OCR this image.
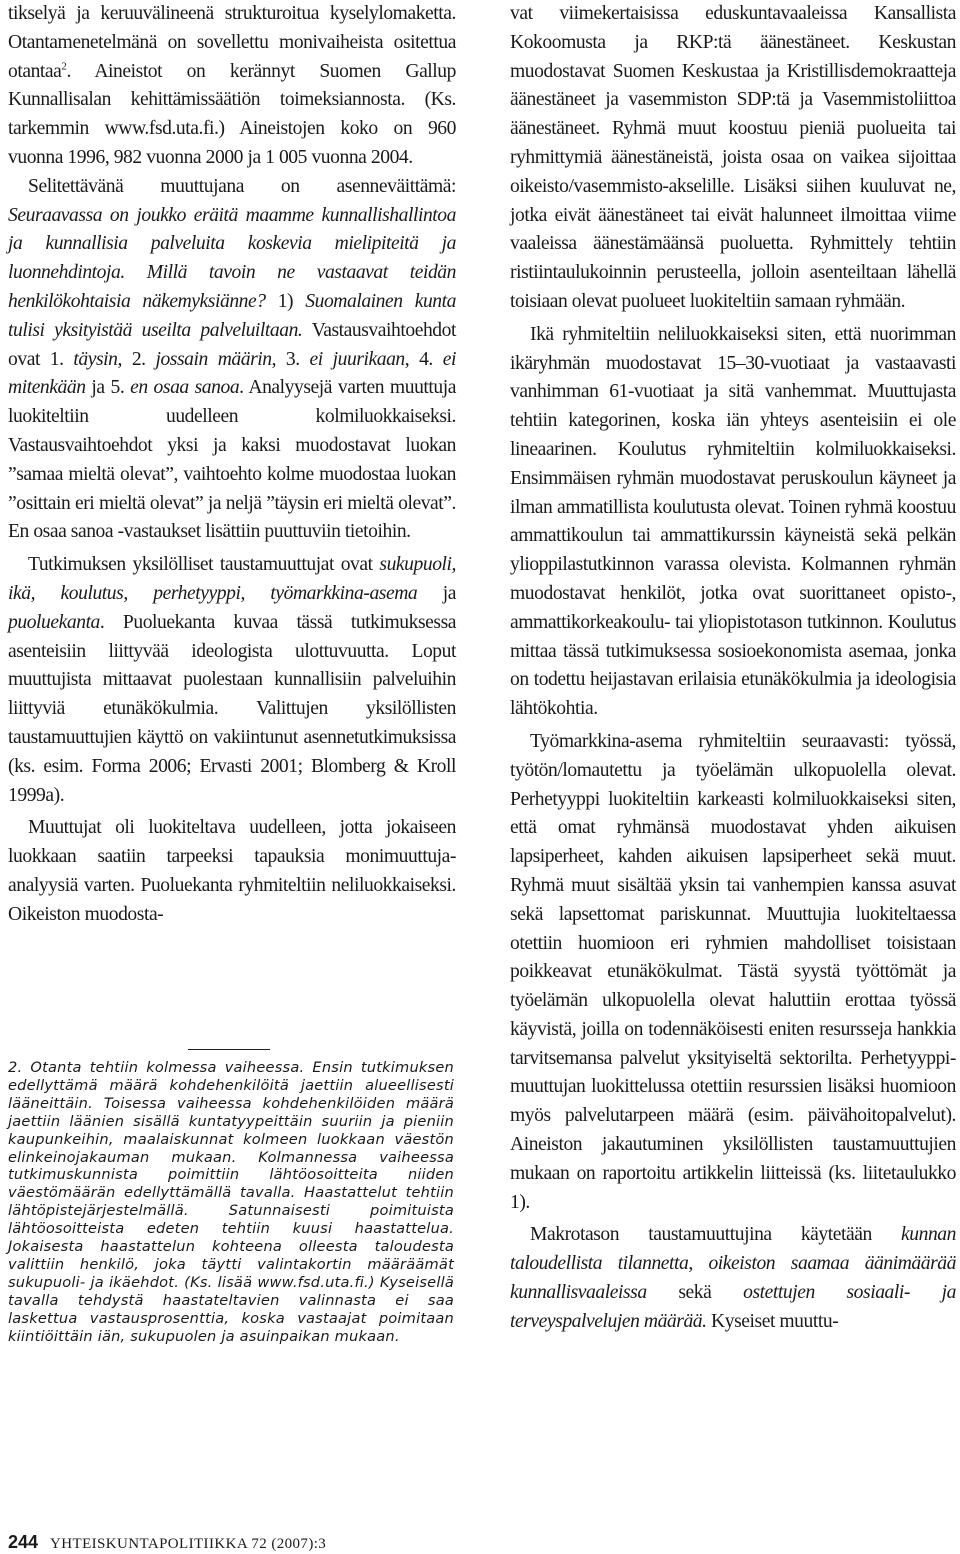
tikselyä ja keruuvälineenä strukturoitua kyselylomaketta. Otantamenetelmänä on sovellettu monivaiheista ositettua otantaa$^2$. Aineistot on kerännyt Suomen Gallup Kunnallisalan kehittämissäätiön toimeksiannosta. (Ks. tarkemmin www.fsd.uta.fi.) Aineistojen koko on 960 vuonna 1996, 982 vuonna 2000 ja 1 005 vuonna 2004.

Selitettävänä muuttujana on asenneväittämä: Seuraavassa on joukko eräitä maamme kunnallishallintoa ja kunnallisia palveluita koskevia mielipiteitä ja luonnehdintoja. Millä tavoin ne vastaavat teidän henkilökohtaisia näkemyksiänne? 1) Suomalainen kunta tulisi yksityistää useilta palveluiltaan. Vastausvaihtoehdot ovat 1. täysin, 2. jossain määrin, 3. ei juurikaan, 4. ei mitenkään ja 5. en osaa sanoa. Analyysejä varten muuttuja luokiteltiin uudelleen kolmiluokkaiseksi. Vastausvaihtoehdot yksi ja kaksi muodostavat luokan ”samaa mieltä olevat”, vaihtoehto kolme muodostaa luokan ”osittain eri mieltä olevat” ja neljä ”täysin eri mieltä olevat”. En osaa sanoa -vastaukset lisättiin puuttuviin tietoihin.

Tutkimuksen yksilölliset taustamuuttujat ovat sukupuoli, ikä, koulutus, perhetyyppi, työmarkkina-asema ja puoluekanta. Puoluekanta kuvaa tässä tutkimuksessa asenteisiin liittyvää ideologista ulottuvuutta. Loput muuttujista mittaavat puolestaan kunnallisiin palveluihin liittyviä etunäkökulmia. Valittujen yksilöllisten taustamuuttujien käyttö on vakiintunut asennetutkimuksissa (ks. esim. Forma 2006; Ervasti 2001; Blomberg & Kroll 1999a).

Muuttujat oli luokiteltava uudelleen, jotta jokaiseen luokkaan saatiin tarpeeksi tapauksia monimuuttuja-analyysiä varten. Puoluekanta ryhmiteltiin neliluokkaiseksi. Oikeiston muodosta-

2. Otanta tehtiin kolmessa vaiheessa. Ensin tutkimuksen edellyttämä määrä kohdehenkilöitä jaettiin alueellisesti lääneittäin. Toisessa vaiheessa kohdehenkilöiden määrä jaettiin läänien sisällä kuntatyypeittäin suuriin ja pieniin kaupunkeihin, maalaiskunnat kolmeen luokkaan väestön elinkeinojakauman mukaan. Kolmannessa vaiheessa tutkimuskunnista poimittiin lähtöosoitteita niiden väestömäärän edellyttämällä tavalla. Haastattelut tehtiin lähtöpistejärjestelmällä. Satunnaisesti poimituista lähtöosoitteista edeten tehtiin kuusi haastattelua. Jokaisesta haastattelun kohteena olleesta taloudesta valittiin henkilö, joka täytti valintakortin määräämät sukupuoli- ja ikäehdot. (Ks. lisää www.fsd.uta.fi.) Kyseisellä tavalla tehdystä haastateltavien valinnasta ei saa laskettua vastausprosenttia, koska vastaajat poimitaan kiintiöittäin iän, sukupuolen ja asuinpaikan mukaan.

vat viimekertaisissa eduskuntavaaleissa Kansallista Kokoomusta ja RKP:tä äänestäneet. Keskustan muodostavat Suomen Keskustaa ja Kristillisdemokraatteja äänestäneet ja vasemmiston SDP:tä ja Vasemmistoliittoa äänestäneet. Ryhmä muut koostuu pieniä puolueita tai ryhmittymiä äänestäneistä, joista osaa on vaikea sijoittaa oikeisto/vasemmisto-akselille. Lisäksi siihen kuuluvat ne, jotka eivät äänestäneet tai eivät halunneet ilmoittaa viime vaaleissa äänestämäänsä puoluetta. Ryhmittely tehtiin ristiintaulukoinnin perusteella, jolloin asenteiltaan lähellä toisiaan olevat puolueet luokiteltiin samaan ryhmään.

Ikä ryhmiteltiin neliluokkaiseksi siten, että nuorimman ikäryhmän muodostavat 15–30-vuotiaat ja vastaavasti vanhimman 61-vuotiaat ja sitä vanhemmat. Muuttujasta tehtiin kategorinen, koska iän yhteys asenteisiin ei ole lineaarinen. Koulutus ryhmiteltiin kolmiluokkaiseksi. Ensimmäisen ryhmän muodostavat peruskoulun käyneet ja ilman ammatillista koulutusta olevat. Toinen ryhmä koostuu ammattikoulun tai ammattikurssin käyneistä sekä pelkän ylioppilastutkinnon varassa olevista. Kolmannen ryhmän muodostavat henkilöt, jotka ovat suorittaneet opisto-, ammattikorkeakoulu- tai yliopistotason tutkinnon. Koulutus mittaa tässä tutkimuksessa sosioekonomista asemaa, jonka on todettu heijastavan erilaisia etunäkökulmia ja ideologisia lähtökohtia.

Työmarkkina-asema ryhmiteltiin seuraavasti: työssä, työtön/lomautettu ja työelämän ulkopuolella olevat. Perhetyyppi luokiteltiin karkeasti kolmiluokkaiseksi siten, että omat ryhmänsä muodostavat yhden aikuisen lapsiperheet, kahden aikuisen lapsiperheet sekä muut. Ryhmä muut sisältää yksin tai vanhempien kanssa asuvat sekä lapsettomat pariskunnat. Muuttujia luokiteltaessa otettiin huomioon eri ryhmien mahdolliset toisistaan poikkeavat etunäkökulmat. Tästä syystä työttömät ja työelämän ulkopuolella olevat haluttiin erottaa työssä käyvistä, joilla on todennäköisesti eniten resursseja hankkia tarvitsemansa palvelut yksityiseltä sektorilta. Perhetyyppi-muuttujan luokittelussa otettiin resurssien lisäksi huomioon myös palvelutarpeen määrä (esim. päivähoitopalvelut). Aineiston jakautuminen yksilöllisten taustamuuttujien mukaan on raportoitu artikkelin liitteissä (ks. liitetaulukko 1).

Makrotason taustamuuttujina käytetään kunnan taloudellista tilannetta, oikeiston saamaa äänimäärää kunnallisvaaleissa sekä ostettujen sosiaali- ja terveyspalvelujen määrää. Kyseiset muuttu-

244 YHTEISKUNTAPOLITIIKKA 72 (2007):3
